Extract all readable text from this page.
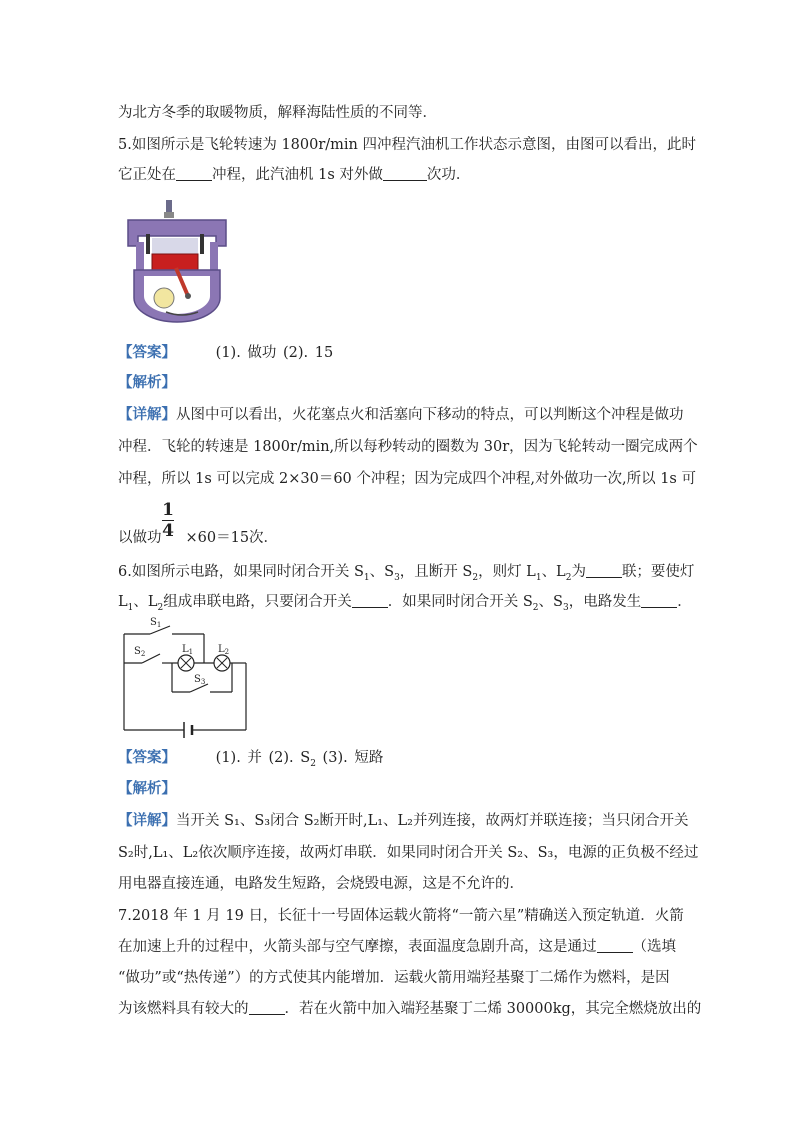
为北方冬季的取暖物质，解释海陆性质的不同等．
5.如图所示是飞轮转速为 1800r/min 四冲程汽油机工作状态示意图，由图可以看出，此时
它正处在 冲程，此汽油机 1s 对外做	次功．
【答案】	(1). 做功 (2). 15
【解析】
【详解】从图中可以看出，火花塞点火和活塞向下移动的特点，可以判断这个冲程是做功
冲程．飞轮的转速是 1800r/min,所以每秒转动的圈数为 30r，因为飞轮转动一圈完成两个
冲程，所以 1s 可以完成 2×30＝60 个冲程；因为完成四个冲程,对外做功一次,所以 1s 可
1
4
以做功 ×60＝15次．
6.如图所示电路，如果同时闭合开关 $S_1$、$S_3$，且断开 $S_2$，则灯 $L_1$、$L_2$为 联；要使灯
$L_1$、$L_2$组成串联电路，只要闭合开关 ．如果同时闭合开关 $S_2$、$S_3$，电路发生 ．
$S_1$
$S_2$	$L_1$ $L_2$
$S_3$
【答案】	(1). 并 (2). $S_2$ (3). 短路
【解析】
【详解】当开关 S₁、S₃闭合 S₂断开时,L₁、L₂并列连接，故两灯并联连接；当只闭合开关
S₂时,L₁、L₂依次顺序连接，故两灯串联．如果同时闭合开关 S₂、S₃，电源的正负极不经过
用电器直接连通，电路发生短路，会烧毁电源，这是不允许的．
7.2018 年 1 月 19 日，长征十一号固体运载火箭将“一箭六星”精确送入预定轨道．火箭
在加速上升的过程中，火箭头部与空气摩擦，表面温度急剧升高，这是通过 （选填
“做功”或“热传递”）的方式使其内能增加．运载火箭用端羟基聚丁二烯作为燃料，是因
为该燃料具有较大的 ．若在火箭中加入端羟基聚丁二烯 30000kg，其完全燃烧放出的
